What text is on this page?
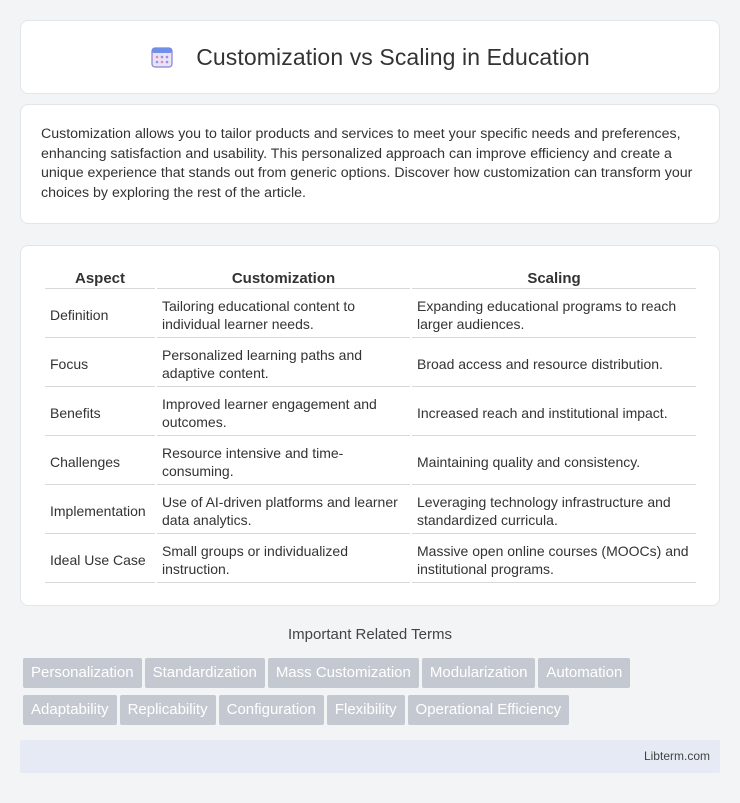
Customization vs Scaling in Education

Customization allows you to tailor products and services to meet your specific needs and preferences, enhancing satisfaction and usability. This personalized approach can improve efficiency and create a unique experience that stands out from generic options. Discover how customization can transform your choices by exploring the rest of the article.

Aspect	Customization	Scaling
Definition	Tailoring educational content to individual learner needs.	Expanding educational programs to reach larger audiences.
Focus	Personalized learning paths and adaptive content.	Broad access and resource distribution.
Benefits	Improved learner engagement and outcomes.	Increased reach and institutional impact.
Challenges	Resource intensive and time-consuming.	Maintaining quality and consistency.
Implementation	Use of AI-driven platforms and learner data analytics.	Leveraging technology infrastructure and standardized curricula.
Ideal Use Case	Small groups or individualized instruction.	Massive open online courses (MOOCs) and institutional programs.
Important Related Terms
Personalization Standardization Mass Customization Modularization Automation
Adaptability Replicability Configuration Flexibility Operational Efficiency
Libterm.com
